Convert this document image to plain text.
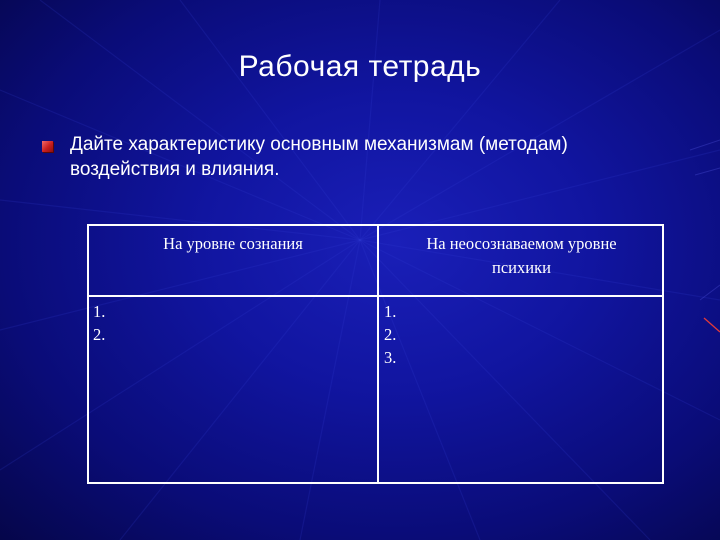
Рабочая тетрадь
Дайте характеристику основным механизмам (методам)
воздействия и влияния.
На уровне сознания	На неосознаваемом уровне
психики
1.
2.
1.
2.
3.
